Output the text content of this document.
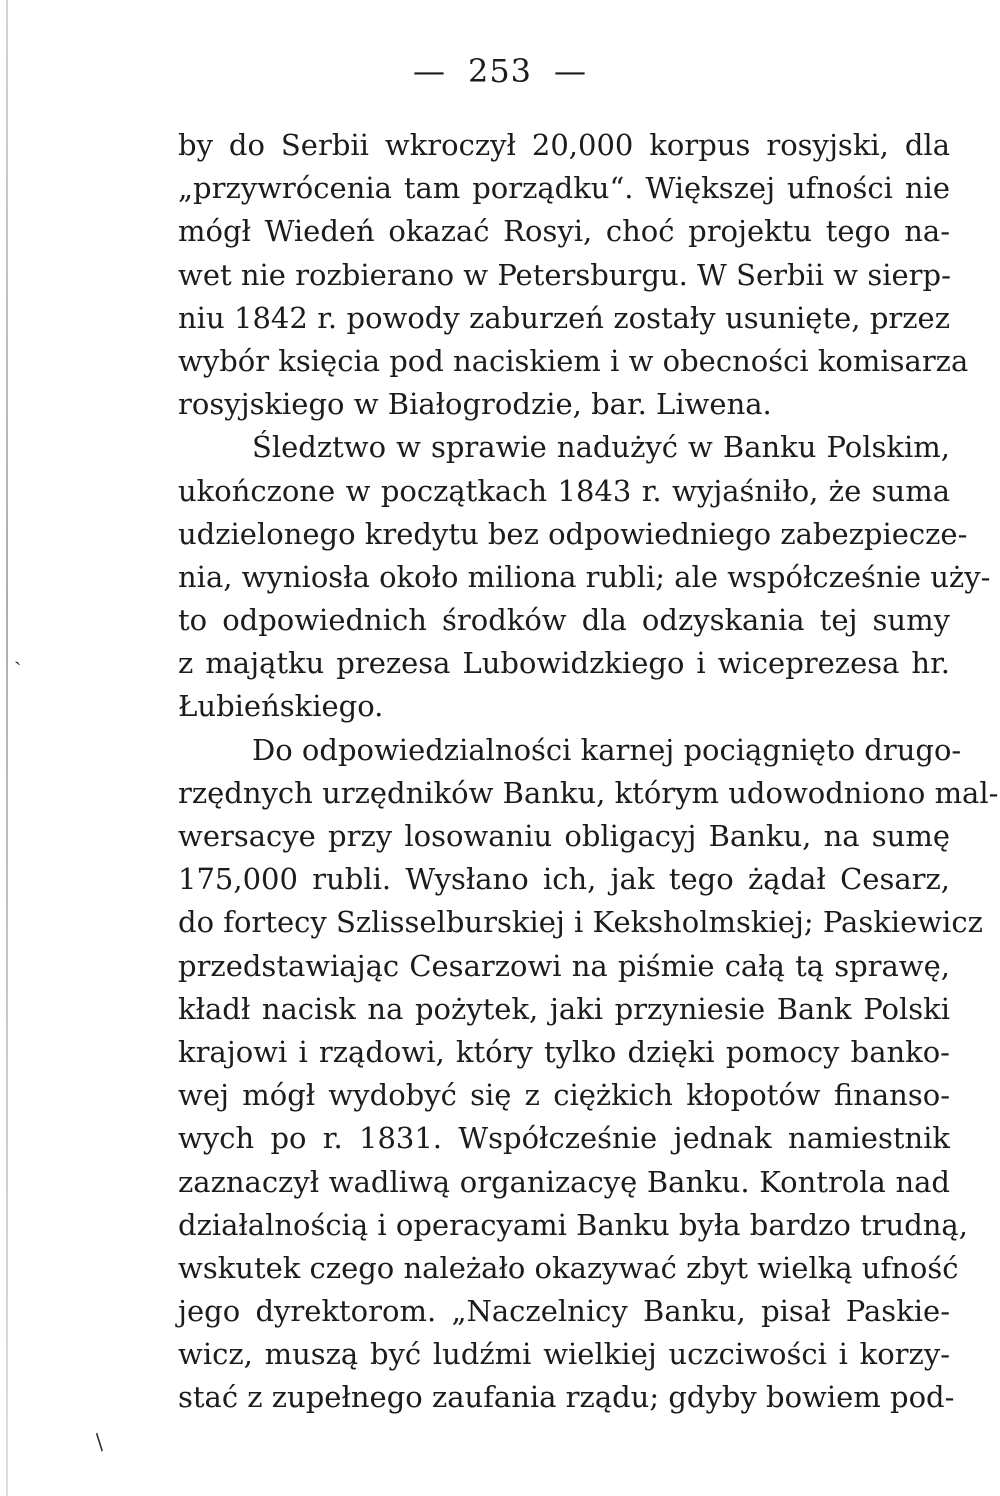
— 253 —
by do Serbii wkroczył 20,000 korpus rosyjski, dla
„przywrócenia tam porządku“. Większej ufności nie
mógł Wiedeń okazać Rosyi, choć projektu tego na-
wet nie rozbierano w Petersburgu. W Serbii w sierp-
niu 1842 r. powody zaburzeń zostały usunięte, przez
wybór księcia pod naciskiem i w obecności komisarza
rosyjskiego w Białogrodzie, bar. Liwena.
Śledztwo w sprawie nadużyć w Banku Polskim,
ukończone w początkach 1843 r. wyjaśniło, że suma
udzielonego kredytu bez odpowiedniego zabezpiecze-
nia, wyniosła około miliona rubli; ale współcześnie uży-
to odpowiednich środków dla odzyskania tej sumy
z majątku prezesa Lubowidzkiego i wiceprezesa hr.
Łubieńskiego.
Do odpowiedzialności karnej pociągnięto drugo-
rzędnych urzędników Banku, którym udowodniono mal-
wersacye przy losowaniu obligacyj Banku, na sumę
175,000 rubli. Wysłano ich, jak tego żądał Cesarz,
do fortecy Szlisselburskiej i Keksholmskiej; Paskiewicz
przedstawiając Cesarzowi na piśmie całą tą sprawę,
kładł nacisk na pożytek, jaki przyniesie Bank Polski
krajowi i rządowi, który tylko dzięki pomocy banko-
wej mógł wydobyć się z ciężkich kłopotów finanso-
wych po r. 1831. Współcześnie jednak namiestnik
zaznaczył wadliwą organizacyę Banku. Kontrola nad
działalnością i operacyami Banku była bardzo trudną,
wskutek czego należało okazywać zbyt wielką ufność
jego dyrektorom. „Naczelnicy Banku, pisał Paskie-
wicz, muszą być ludźmi wielkiej uczciwości i korzy-
stać z zupełnego zaufania rządu; gdyby bowiem pod-
ˎ
/
